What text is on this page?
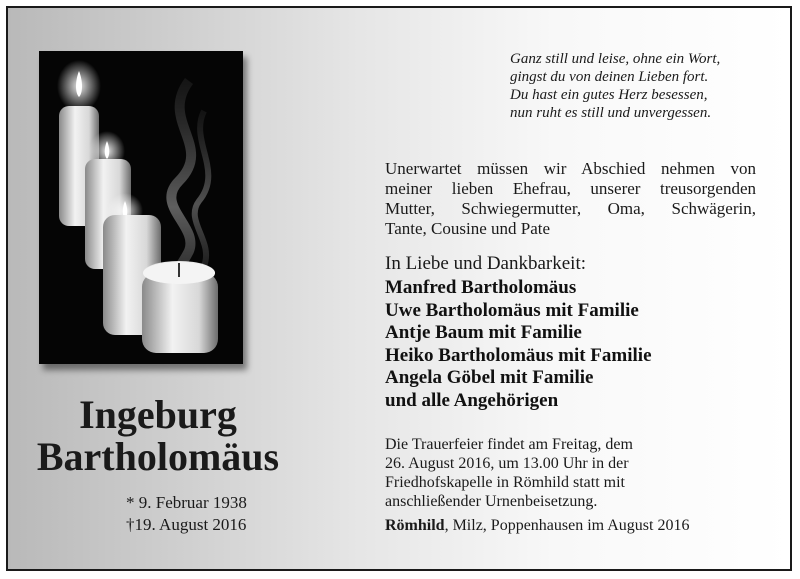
Ingeburg
Bartholomäus
* 9. Februar 1938
†19. August 2016
Ganz still und leise, ohne ein Wort,
gingst du von deinen Lieben fort.
Du hast ein gutes Herz besessen,
nun ruht es still und unvergessen.
Unerwartet müssen wir Abschied nehmen von
meiner lieben Ehefrau, unserer treusorgenden
Mutter, Schwiegermutter, Oma, Schwägerin,
Tante, Cousine und Pate
In Liebe und Dankbarkeit:
Manfred Bartholomäus
Uwe Bartholomäus mit Familie
Antje Baum mit Familie
Heiko Bartholomäus mit Familie
Angela Göbel mit Familie
und alle Angehörigen
Die Trauerfeier findet am Freitag, dem
26. August 2016, um 13.00 Uhr in der
Friedhofskapelle in Römhild statt mit
anschließender Urnenbeisetzung.
Römhild, Milz, Poppenhausen im August 2016
